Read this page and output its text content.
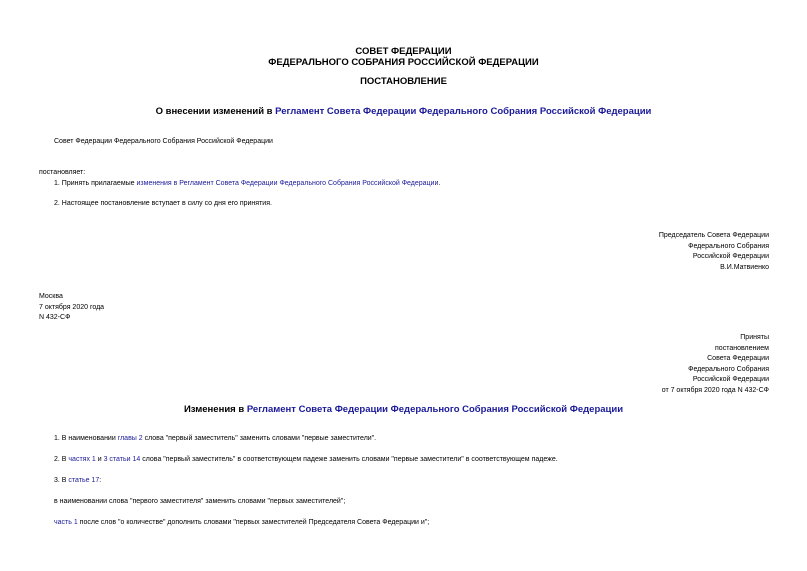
СОВЕТ ФЕДЕРАЦИИ
ФЕДЕРАЛЬНОГО СОБРАНИЯ РОССИЙСКОЙ ФЕДЕРАЦИИ
ПОСТАНОВЛЕНИЕ
О внесении изменений в Регламент Совета Федерации Федерального Собрания Российской Федерации
Совет Федерации Федерального Собрания Российской Федерации
постановляет:
1. Принять прилагаемые изменения в Регламент Совета Федерации Федерального Собрания Российской Федерации.
2. Настоящее постановление вступает в силу со дня его принятия.
Председатель Совета Федерации
Федерального Собрания
Российской Федерации
В.И.Матвиенко
Москва
7 октября 2020 года
N 432-СФ
Приняты
постановлением
Совета Федерации
Федерального Собрания
Российской Федерации
от 7 октября 2020 года N 432-СФ
Изменения в Регламент Совета Федерации Федерального Собрания Российской Федерации
1. В наименовании главы 2 слова "первый заместитель" заменить словами "первые заместители".
2. В частях 1 и 3 статьи 14 слова "первый заместитель" в соответствующем падеже заменить словами "первые заместители" в соответствующем падеже.
3. В статье 17:
в наименовании слова "первого заместителя" заменить словами "первых заместителей";
часть 1 после слов "о количестве" дополнить словами "первых заместителей Председателя Совета Федерации и";
